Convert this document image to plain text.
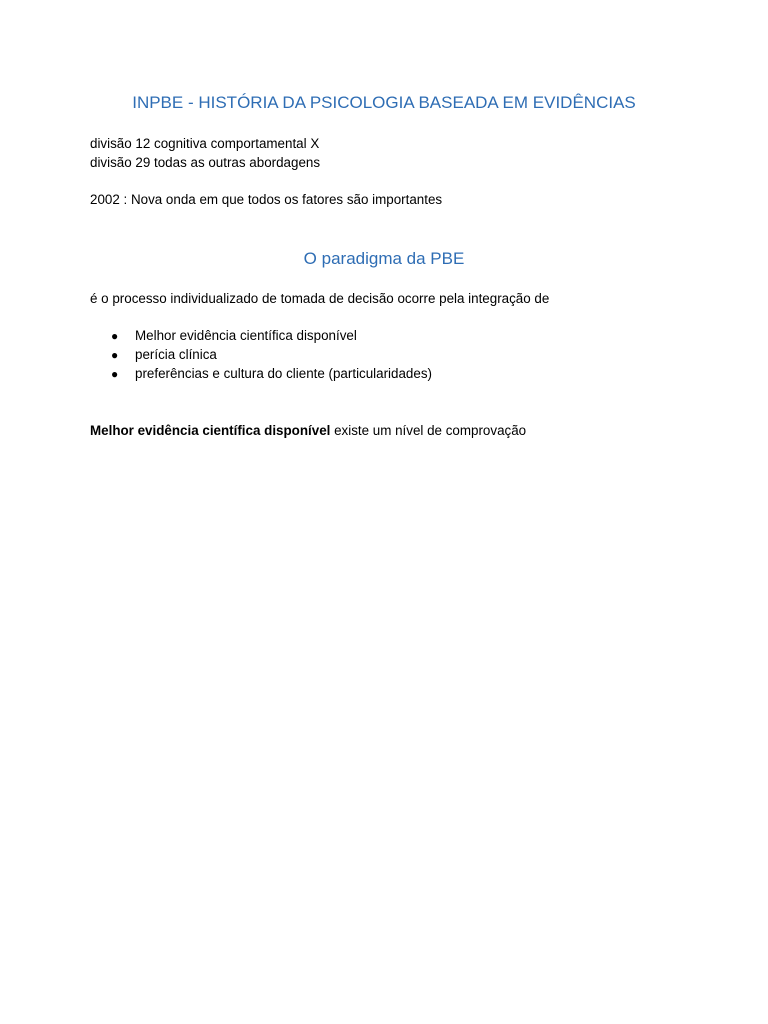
INPBE - HISTÓRIA DA PSICOLOGIA BASEADA EM EVIDÊNCIAS
divisão 12 cognitiva comportamental X
divisão 29 todas as outras abordagens
2002 : Nova onda em que todos os fatores são importantes
O paradigma da PBE
é o processo individualizado de tomada de decisão ocorre pela integração de
● Melhor evidência científica disponível
● perícia clínica
● preferências e cultura do cliente (particularidades)
Melhor evidência científica disponível existe um nível de comprovação
